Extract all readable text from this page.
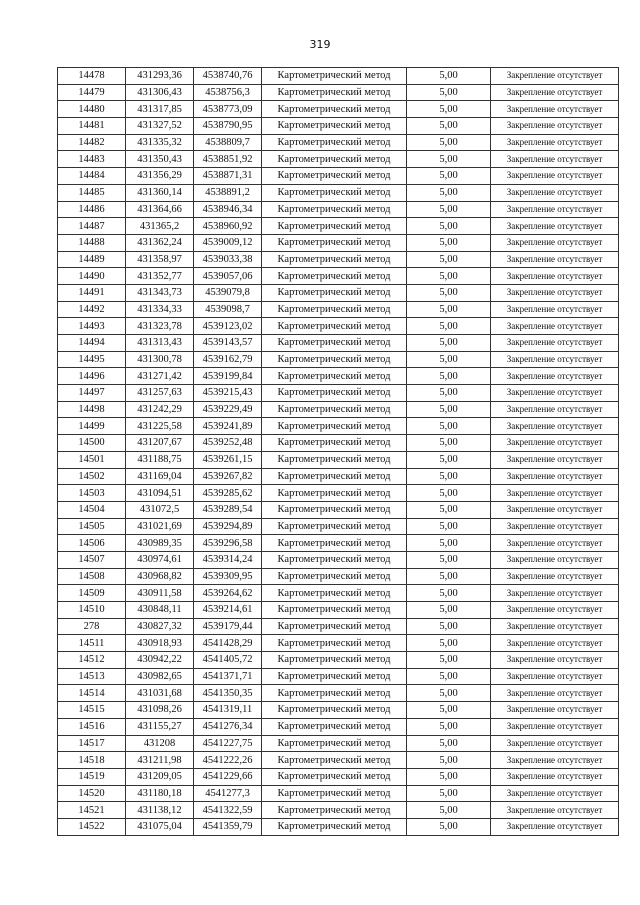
319
14478	431293,36	4538740,76	Картометрический метод	5,00	Закрепление отсутствует
14479	431306,43	4538756,3	Картометрический метод	5,00	Закрепление отсутствует
14480	431317,85	4538773,09	Картометрический метод	5,00	Закрепление отсутствует
14481	431327,52	4538790,95	Картометрический метод	5,00	Закрепление отсутствует
14482	431335,32	4538809,7	Картометрический метод	5,00	Закрепление отсутствует
14483	431350,43	4538851,92	Картометрический метод	5,00	Закрепление отсутствует
14484	431356,29	4538871,31	Картометрический метод	5,00	Закрепление отсутствует
14485	431360,14	4538891,2	Картометрический метод	5,00	Закрепление отсутствует
14486	431364,66	4538946,34	Картометрический метод	5,00	Закрепление отсутствует
14487	431365,2	4538960,92	Картометрический метод	5,00	Закрепление отсутствует
14488	431362,24	4539009,12	Картометрический метод	5,00	Закрепление отсутствует
14489	431358,97	4539033,38	Картометрический метод	5,00	Закрепление отсутствует
14490	431352,77	4539057,06	Картометрический метод	5,00	Закрепление отсутствует
14491	431343,73	4539079,8	Картометрический метод	5,00	Закрепление отсутствует
14492	431334,33	4539098,7	Картометрический метод	5,00	Закрепление отсутствует
14493	431323,78	4539123,02	Картометрический метод	5,00	Закрепление отсутствует
14494	431313,43	4539143,57	Картометрический метод	5,00	Закрепление отсутствует
14495	431300,78	4539162,79	Картометрический метод	5,00	Закрепление отсутствует
14496	431271,42	4539199,84	Картометрический метод	5,00	Закрепление отсутствует
14497	431257,63	4539215,43	Картометрический метод	5,00	Закрепление отсутствует
14498	431242,29	4539229,49	Картометрический метод	5,00	Закрепление отсутствует
14499	431225,58	4539241,89	Картометрический метод	5,00	Закрепление отсутствует
14500	431207,67	4539252,48	Картометрический метод	5,00	Закрепление отсутствует
14501	431188,75	4539261,15	Картометрический метод	5,00	Закрепление отсутствует
14502	431169,04	4539267,82	Картометрический метод	5,00	Закрепление отсутствует
14503	431094,51	4539285,62	Картометрический метод	5,00	Закрепление отсутствует
14504	431072,5	4539289,54	Картометрический метод	5,00	Закрепление отсутствует
14505	431021,69	4539294,89	Картометрический метод	5,00	Закрепление отсутствует
14506	430989,35	4539296,58	Картометрический метод	5,00	Закрепление отсутствует
14507	430974,61	4539314,24	Картометрический метод	5,00	Закрепление отсутствует
14508	430968,82	4539309,95	Картометрический метод	5,00	Закрепление отсутствует
14509	430911,58	4539264,62	Картометрический метод	5,00	Закрепление отсутствует
14510	430848,11	4539214,61	Картометрический метод	5,00	Закрепление отсутствует
278	430827,32	4539179,44	Картометрический метод	5,00	Закрепление отсутствует
14511	430918,93	4541428,29	Картометрический метод	5,00	Закрепление отсутствует
14512	430942,22	4541405,72	Картометрический метод	5,00	Закрепление отсутствует
14513	430982,65	4541371,71	Картометрический метод	5,00	Закрепление отсутствует
14514	431031,68	4541350,35	Картометрический метод	5,00	Закрепление отсутствует
14515	431098,26	4541319,11	Картометрический метод	5,00	Закрепление отсутствует
14516	431155,27	4541276,34	Картометрический метод	5,00	Закрепление отсутствует
14517	431208	4541227,75	Картометрический метод	5,00	Закрепление отсутствует
14518	431211,98	4541222,26	Картометрический метод	5,00	Закрепление отсутствует
14519	431209,05	4541229,66	Картометрический метод	5,00	Закрепление отсутствует
14520	431180,18	4541277,3	Картометрический метод	5,00	Закрепление отсутствует
14521	431138,12	4541322,59	Картометрический метод	5,00	Закрепление отсутствует
14522	431075,04	4541359,79	Картометрический метод	5,00	Закрепление отсутствует
